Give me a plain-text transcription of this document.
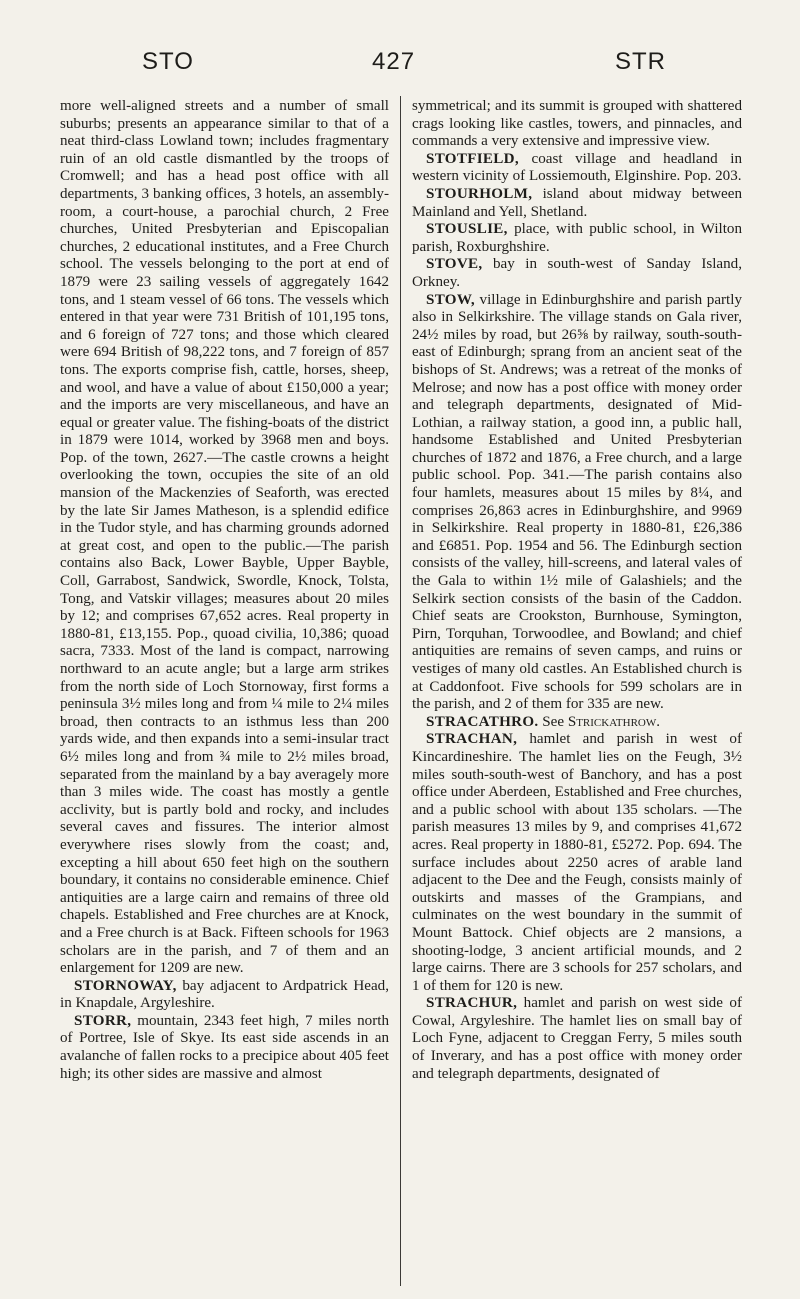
STO	427	STR

more well-aligned streets and a number of small suburbs; presents an appearance similar to that of a neat third-class Lowland town; includes fragmentary ruin of an old castle dismantled by the troops of Cromwell; and has a head post office with all departments, 3 banking offices, 3 hotels, an assembly-room, a court-house, a parochial church, 2 Free churches, United Presbyterian and Episcopalian churches, 2 educational institutes, and a Free Church school. The vessels belonging to the port at end of 1879 were 23 sailing vessels of aggregately 1642 tons, and 1 steam vessel of 66 tons. The vessels which entered in that year were 731 British of 101,195 tons, and 6 foreign of 727 tons; and those which cleared were 694 British of 98,222 tons, and 7 foreign of 857 tons. The exports comprise fish, cattle, horses, sheep, and wool, and have a value of about £150,000 a year; and the imports are very miscellaneous, and have an equal or greater value. The fishing-boats of the district in 1879 were 1014, worked by 3968 men and boys. Pop. of the town, 2627.—The castle crowns a height overlooking the town, occupies the site of an old mansion of the Mackenzies of Seaforth, was erected by the late Sir James Matheson, is a splendid edifice in the Tudor style, and has charming grounds adorned at great cost, and open to the public.—The parish contains also Back, Lower Bayble, Upper Bayble, Coll, Garrabost, Sandwick, Swordle, Knock, Tolsta, Tong, and Vatskir villages; measures about 20 miles by 12; and comprises 67,652 acres. Real property in 1880-81, £13,155. Pop., quoad civilia, 10,386; quoad sacra, 7333. Most of the land is compact, narrowing northward to an acute angle; but a large arm strikes from the north side of Loch Stornoway, first forms a peninsula 3½ miles long and from ¼ mile to 2¼ miles broad, then contracts to an isthmus less than 200 yards wide, and then expands into a semi-insular tract 6½ miles long and from ¾ mile to 2½ miles broad, separated from the mainland by a bay averagely more than 3 miles wide. The coast has mostly a gentle acclivity, but is partly bold and rocky, and includes several caves and fissures. The interior almost everywhere rises slowly from the coast; and, excepting a hill about 650 feet high on the southern boundary, it contains no considerable eminence. Chief antiquities are a large cairn and remains of three old chapels. Established and Free churches are at Knock, and a Free church is at Back. Fifteen schools for 1963 scholars are in the parish, and 7 of them and an enlargement for 1209 are new.

STORNOWAY, bay adjacent to Ardpatrick Head, in Knapdale, Argyleshire.

STORR, mountain, 2343 feet high, 7 miles north of Portree, Isle of Skye. Its east side ascends in an avalanche of fallen rocks to a precipice about 405 feet high; its other sides are massive and almost

symmetrical; and its summit is grouped with shattered crags looking like castles, towers, and pinnacles, and commands a very extensive and impressive view.

STOTFIELD, coast village and headland in western vicinity of Lossiemouth, Elginshire. Pop. 203.

STOURHOLM, island about midway between Mainland and Yell, Shetland.

STOUSLIE, place, with public school, in Wilton parish, Roxburghshire.

STOVE, bay in south-west of Sanday Island, Orkney.

STOW, village in Edinburghshire and parish partly also in Selkirkshire. The village stands on Gala river, 24½ miles by road, but 26⅝ by railway, south-south-east of Edinburgh; sprang from an ancient seat of the bishops of St. Andrews; was a retreat of the monks of Melrose; and now has a post office with money order and telegraph departments, designated of Mid-Lothian, a railway station, a good inn, a public hall, handsome Established and United Presbyterian churches of 1872 and 1876, a Free church, and a large public school. Pop. 341.—The parish contains also four hamlets, measures about 15 miles by 8¼, and comprises 26,863 acres in Edinburghshire, and 9969 in Selkirkshire. Real property in 1880-81, £26,386 and £6851. Pop. 1954 and 56. The Edinburgh section consists of the valley, hill-screens, and lateral vales of the Gala to within 1½ mile of Galashiels; and the Selkirk section consists of the basin of the Caddon. Chief seats are Crookston, Burnhouse, Symington, Pirn, Torquhan, Torwoodlee, and Bowland; and chief antiquities are remains of seven camps, and ruins or vestiges of many old castles. An Established church is at Caddonfoot. Five schools for 599 scholars are in the parish, and 2 of them for 335 are new.

STRACATHRO. See Strickathrow.

STRACHAN, hamlet and parish in west of Kincardineshire. The hamlet lies on the Feugh, 3½ miles south-south-west of Banchory, and has a post office under Aberdeen, Established and Free churches, and a public school with about 135 scholars. —The parish measures 13 miles by 9, and comprises 41,672 acres. Real property in 1880-81, £5272. Pop. 694. The surface includes about 2250 acres of arable land adjacent to the Dee and the Feugh, consists mainly of outskirts and masses of the Grampians, and culminates on the west boundary in the summit of Mount Battock. Chief objects are 2 mansions, a shooting-lodge, 3 ancient artificial mounds, and 2 large cairns. There are 3 schools for 257 scholars, and 1 of them for 120 is new.

STRACHUR, hamlet and parish on west side of Cowal, Argyleshire. The hamlet lies on small bay of Loch Fyne, adjacent to Creggan Ferry, 5 miles south of Inverary, and has a post office with money order and telegraph departments, designated of
